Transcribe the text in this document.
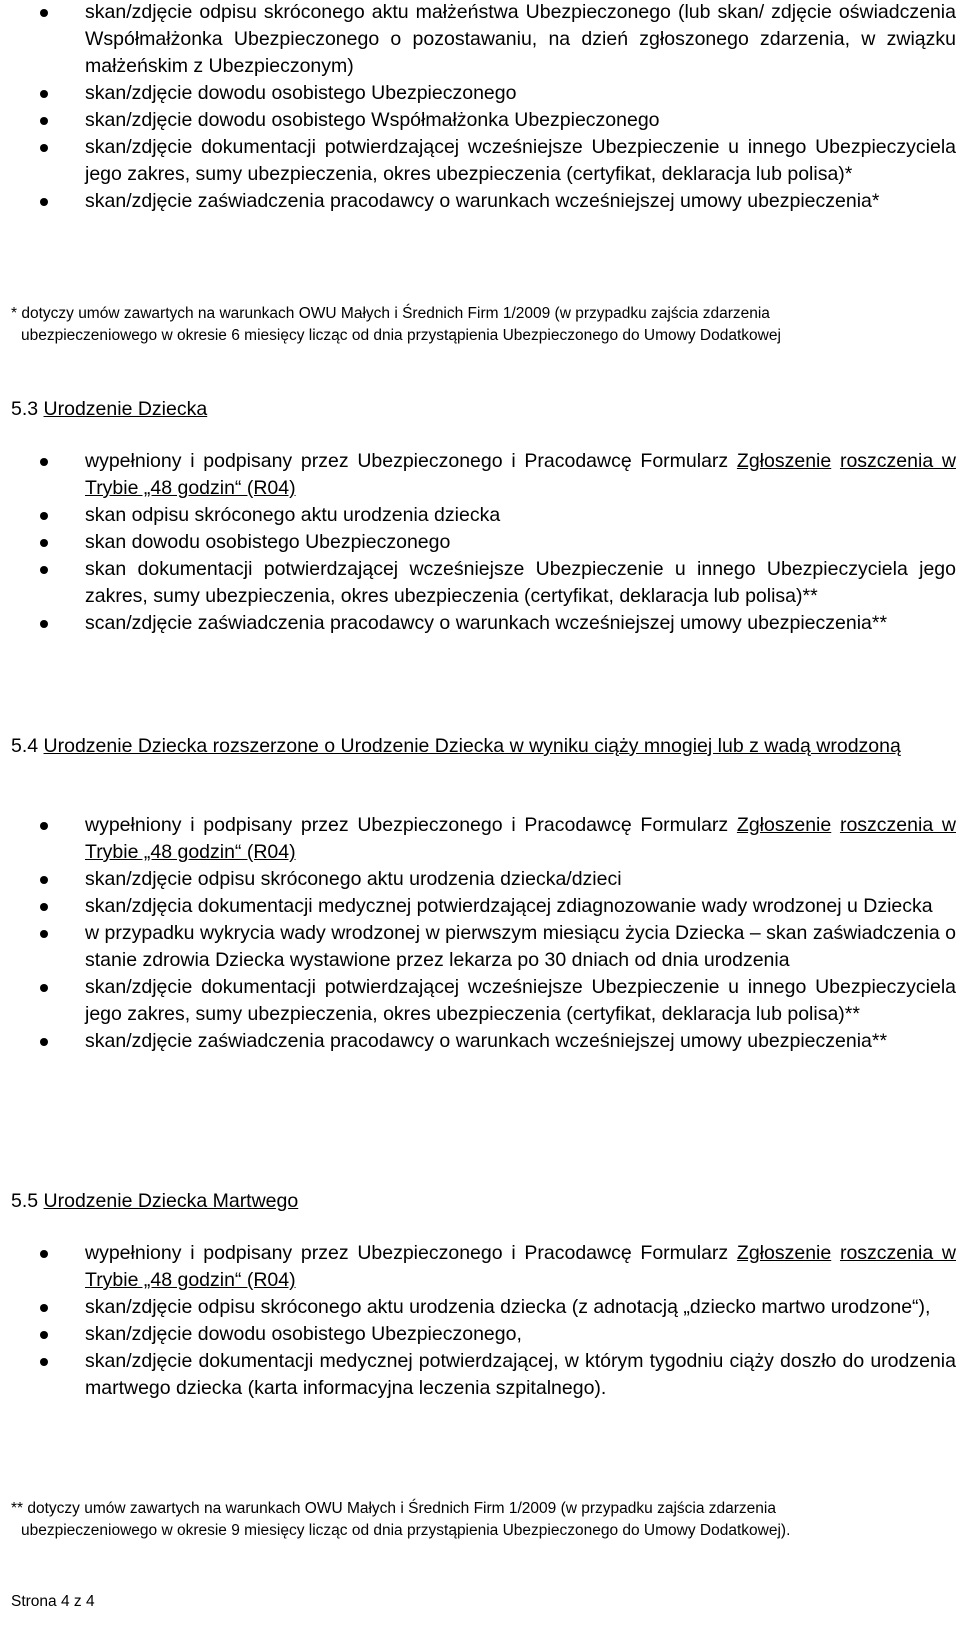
skan/zdjęcie odpisu skróconego aktu małżeństwa Ubezpieczonego (lub skan/ zdjęcie oświadczenia Współmałżonka Ubezpieczonego o pozostawaniu, na dzień zgłoszonego zdarzenia, w związku małżeńskim z Ubezpieczonym)
skan/zdjęcie dowodu osobistego Ubezpieczonego
skan/zdjęcie dowodu osobistego Współmałżonka Ubezpieczonego
skan/zdjęcie dokumentacji potwierdzającej wcześniejsze Ubezpieczenie u innego Ubezpieczyciela jego zakres, sumy ubezpieczenia, okres ubezpieczenia (certyfikat, deklaracja lub polisa)*
skan/zdjęcie zaświadczenia pracodawcy o warunkach wcześniejszej umowy ubezpieczenia*
* dotyczy umów zawartych na warunkach OWU Małych i Średnich Firm 1/2009 (w przypadku zajścia zdarzenia
ubezpieczeniowego w okresie 6 miesięcy licząc od dnia przystąpienia Ubezpieczonego do Umowy Dodatkowej
5.3 Urodzenie Dziecka
wypełniony i podpisany przez Ubezpieczonego i Pracodawcę Formularz Zgłoszenie roszczenia w Trybie „48 godzin“ (R04)
skan odpisu skróconego aktu urodzenia dziecka
skan dowodu osobistego Ubezpieczonego
skan dokumentacji potwierdzającej wcześniejsze Ubezpieczenie u innego Ubezpieczyciela jego zakres, sumy ubezpieczenia, okres ubezpieczenia (certyfikat, deklaracja lub polisa)**
scan/zdjęcie zaświadczenia pracodawcy o warunkach wcześniejszej umowy ubezpieczenia**
5.4 Urodzenie Dziecka rozszerzone o Urodzenie Dziecka w wyniku ciąży mnogiej lub z wadą wrodzoną
wypełniony i podpisany przez Ubezpieczonego i Pracodawcę Formularz Zgłoszenie roszczenia w Trybie „48 godzin“ (R04)
skan/zdjęcie odpisu skróconego aktu urodzenia dziecka/dzieci
skan/zdjęcia dokumentacji medycznej potwierdzającej zdiagnozowanie wady wrodzonej u Dziecka
w przypadku wykrycia wady wrodzonej w pierwszym miesiącu życia Dziecka – skan zaświadczenia o stanie zdrowia Dziecka wystawione przez lekarza po 30 dniach od dnia urodzenia
skan/zdjęcie dokumentacji potwierdzającej wcześniejsze Ubezpieczenie u innego Ubezpieczyciela jego zakres, sumy ubezpieczenia, okres ubezpieczenia (certyfikat, deklaracja lub polisa)**
skan/zdjęcie zaświadczenia pracodawcy o warunkach wcześniejszej umowy ubezpieczenia**
5.5 Urodzenie Dziecka Martwego
wypełniony i podpisany przez Ubezpieczonego i Pracodawcę Formularz Zgłoszenie roszczenia w Trybie „48 godzin“ (R04)
skan/zdjęcie odpisu skróconego aktu urodzenia dziecka (z adnotacją „dziecko martwo urodzone“),
skan/zdjęcie dowodu osobistego Ubezpieczonego,
skan/zdjęcie dokumentacji medycznej potwierdzającej, w którym tygodniu ciąży doszło do urodzenia martwego dziecka (karta informacyjna leczenia szpitalnego).
** dotyczy umów zawartych na warunkach OWU Małych i Średnich Firm 1/2009 (w przypadku zajścia zdarzenia
ubezpieczeniowego w okresie 9 miesięcy licząc od dnia przystąpienia Ubezpieczonego do Umowy Dodatkowej).
Strona 4 z 4
